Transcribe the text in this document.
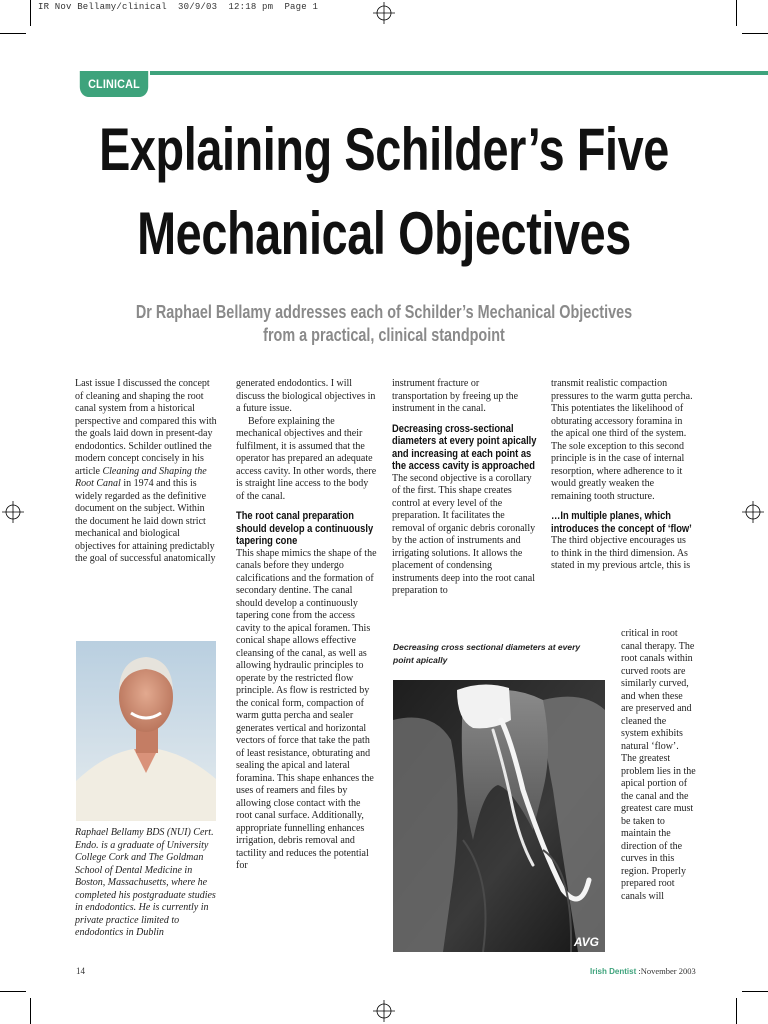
IR Nov Bellamy/clinical  30/9/03  12:18 pm  Page 1
CLINICAL
Explaining Schilder’s Five
Mechanical Objectives
Dr Raphael Bellamy addresses each of Schilder’s Mechanical Objectives
from a practical, clinical standpoint

Last issue I discussed the concept of cleaning and shaping the root canal system from a historical perspective and compared this with the goals laid down in present-day endodontics. Schilder outlined the modern concept concisely in his article Cleaning and Shaping the Root Canal in 1974 and this is widely regarded as the definitive document on the subject. Within the document he laid down strict mechanical and biological objectives for attaining predictably the goal of successful anatomically

Raphael Bellamy BDS (NUI) Cert. Endo. is a graduate of University College Cork and The Goldman School of Dental Medicine in Boston, Massachusetts, where he completed his postgraduate studies in endodontics. He is currently in private practice limited to endodontics in Dublin

generated endodontics. I will discuss the biological objectives in a future issue.

Before explaining the mechanical objectives and their fulfilment, it is assumed that the operator has prepared an adequate access cavity. In other words, there is straight line access to the body of the canal.

The root canal preparation should develop a continuously tapering cone

This shape mimics the shape of the canals before they undergo calcifications and the formation of secondary dentine. The canal should develop a continuously tapering cone from the access cavity to the apical foramen. This conical shape allows effective cleansing of the canal, as well as allowing hydraulic principles to operate by the restricted flow principle. As flow is restricted by the conical form, compaction of warm gutta percha and sealer generates vertical and horizontal vectors of force that take the path of least resistance, obturating and sealing the apical and lateral foramina. This shape enhances the uses of reamers and files by allowing close contact with the root canal surface. Additionally, appropriate funnelling enhances irrigation, debris removal and tactility and reduces the potential for

instrument fracture or transportation by freeing up the instrument in the canal.

Decreasing cross-sectional diameters at every point apically and increasing at each point as the access cavity is approached

The second objective is a corollary of the first. This shape creates control at every level of the preparation. It facilitates the removal of organic debris coronally by the action of instruments and irrigating solutions. It allows the placement of condensing instruments deep into the root canal preparation to

Decreasing cross sectional diameters at every point apically
AVG

transmit realistic compaction pressures to the warm gutta percha. This potentiates the likelihood of obturating accessory foramina in the apical one third of the system. The sole exception to this second principle is in the case of internal resorption, where adherence to it would greatly weaken the remaining tooth structure.

…In multiple planes, which introduces the concept of ‘flow’

The third objective encourages us to think in the third dimension. As stated in my previous artcle, this is

critical in root canal therapy. The root canals within curved roots are similarly curved, and when these are preserved and cleaned the system exhibits natural ‘flow’. The greatest problem lies in the apical portion of the canal and the greatest care must be taken to maintain the direction of the curves in this region. Properly prepared root canals will
14	Irish Dentist :November 2003
